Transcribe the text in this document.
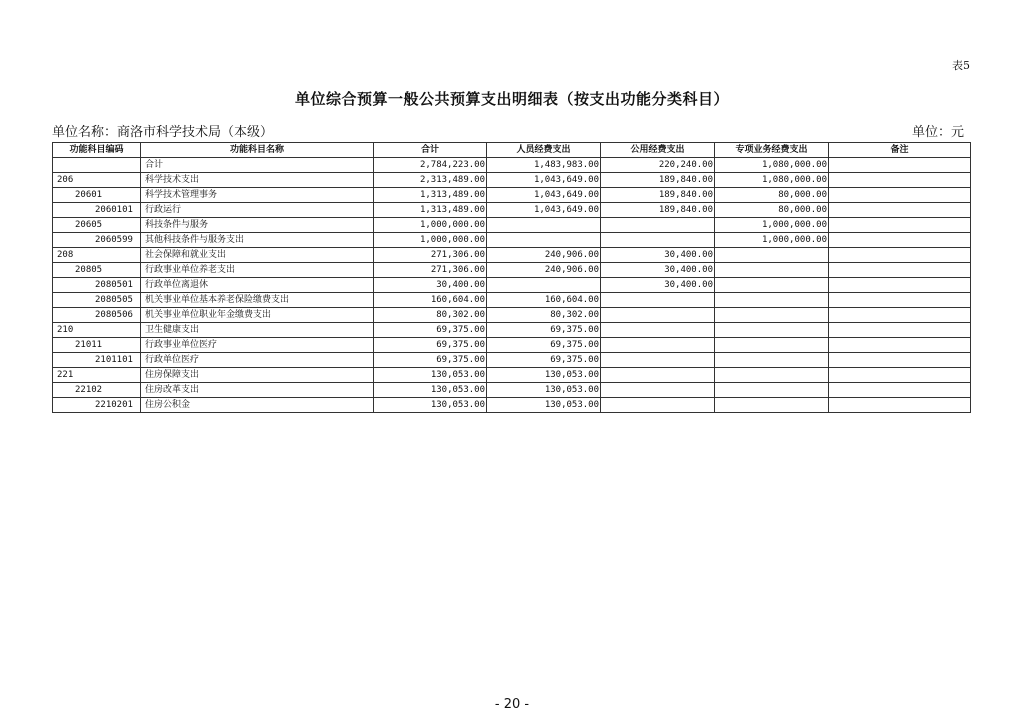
表5
单位综合预算一般公共预算支出明细表（按支出功能分类科目）
单位名称：商洛市科学技术局（本级）	单位：元
功能科目编码	功能科目名称	合计	人员经费支出	公用经费支出	专项业务经费支出	备注
	合计	2,784,223.00	1,483,983.00	220,240.00	1,080,000.00	
206	科学技术支出	2,313,489.00	1,043,649.00	189,840.00	1,080,000.00	
20601	科学技术管理事务	1,313,489.00	1,043,649.00	189,840.00	80,000.00	
2060101	行政运行	1,313,489.00	1,043,649.00	189,840.00	80,000.00	
20605	科技条件与服务	1,000,000.00			1,000,000.00	
2060599	其他科技条件与服务支出	1,000,000.00			1,000,000.00	
208	社会保障和就业支出	271,306.00	240,906.00	30,400.00		
20805	行政事业单位养老支出	271,306.00	240,906.00	30,400.00		
2080501	行政单位离退休	30,400.00		30,400.00		
2080505	机关事业单位基本养老保险缴费支出	160,604.00	160,604.00			
2080506	机关事业单位职业年金缴费支出	80,302.00	80,302.00			
210	卫生健康支出	69,375.00	69,375.00			
21011	行政事业单位医疗	69,375.00	69,375.00			
2101101	行政单位医疗	69,375.00	69,375.00			
221	住房保障支出	130,053.00	130,053.00			
22102	住房改革支出	130,053.00	130,053.00			
2210201	住房公积金	130,053.00	130,053.00			
- 20 -
